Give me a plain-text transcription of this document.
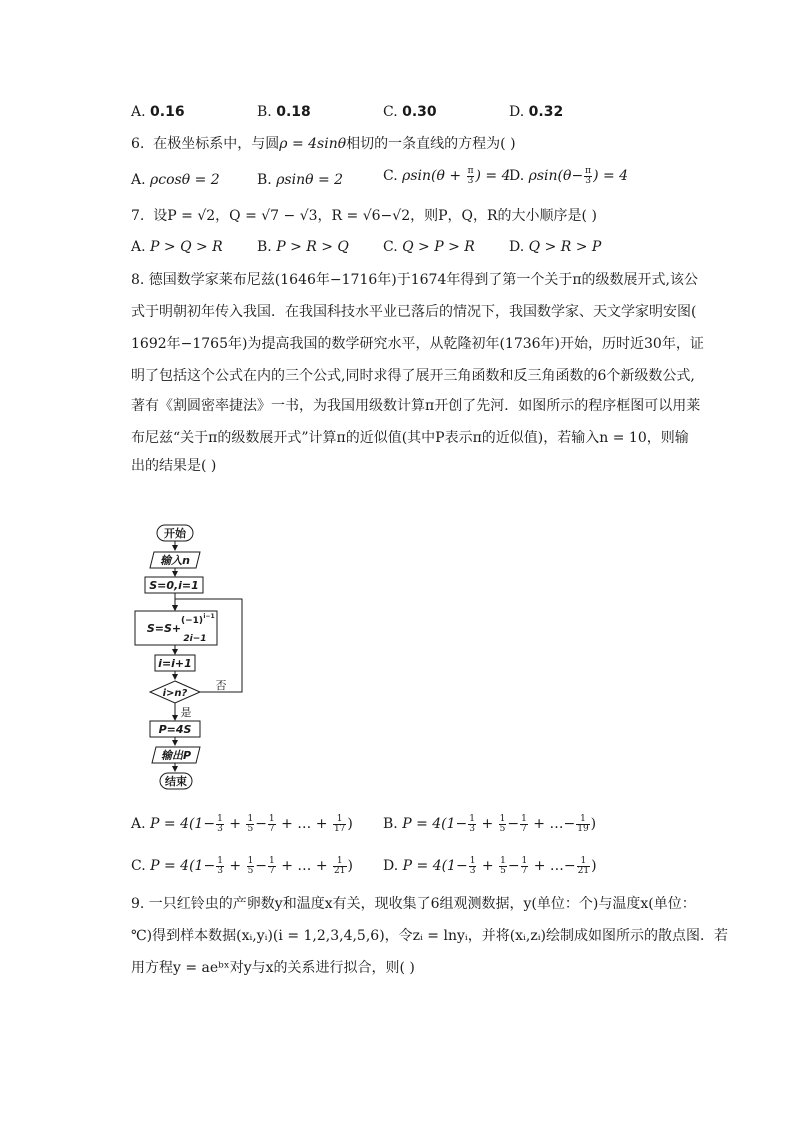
A. 0.16	B. 0.18	C. 0.30	D. 0.32
6. 在极坐标系中，与圆ρ = 4sinθ相切的一条直线的方程为( )
A. ρcosθ = 2	B. ρsinθ = 2	C. $\rho\sin(\theta + \frac{\pi}{3}$ ) = 4
D. $\rho\sin(\theta- \frac{\pi}{3}$ ) = 4
7. 设P = √2，Q = √7 − √3，R = √6−√2，则P，Q，R的大小顺序是( )
A. P > Q > R B. P > R > Q C. Q > P > R D. Q > R > P
8. 德国数学家莱布尼兹(1646年−1716年)于1674年得到了第一个关于π的级数展开式,该公
式于明朝初年传入我国．在我国科技水平业已落后的情况下，我国数学家、天文学家明安图(
1692年−1765年)为提高我国的数学研究水平，从乾隆初年(1736年)开始，历时近30年，证
明了包括这个公式在内的三个公式,同时求得了展开三角函数和反三角函数的6个新级数公式,
著有《割圆密率捷法》一书，为我国用级数计算π开创了先河．如图所示的程序框图可以用莱
布尼兹“关于π的级数展开式”计算π的近似值(其中P表示π的近似值)，若输入n = 10，则输
出的结果是( )
开始
输入n
S=0,i=1
S=S+
(−1) i−1
2i−1
i=i+1
i>n?
否
是
P=4S
输出P
结束
A. $P = 4(1- \frac{1}{3} + \frac{1}{5} - \frac{1}{7}$ + … + $\frac{1}{17}$ ) B. $P = 4(1- \frac{1}{3} + \frac{1}{5} - \frac{1}{7}$ + …− $\frac{1}{19}$ )
C. $P = 4(1- \frac{1}{3} + \frac{1}{5} - \frac{1}{7}$ + … + $\frac{1}{21}$ ) D. $P = 4(1- \frac{1}{3} + \frac{1}{5} - \frac{1}{7}$ + …− $\frac{1}{21}$ )
9. 一只红铃虫的产卵数y和温度x有关，现收集了6组观测数据，y(单位：个)与温度x(单位：
℃)得到样本数据(xᵢ,yᵢ)(i = 1,2,3,4,5,6)，令zᵢ = lnyᵢ，并将(xᵢ,zᵢ)绘制成如图所示的散点图．若
用方程y = aeᵇˣ对y与x的关系进行拟合，则( )
